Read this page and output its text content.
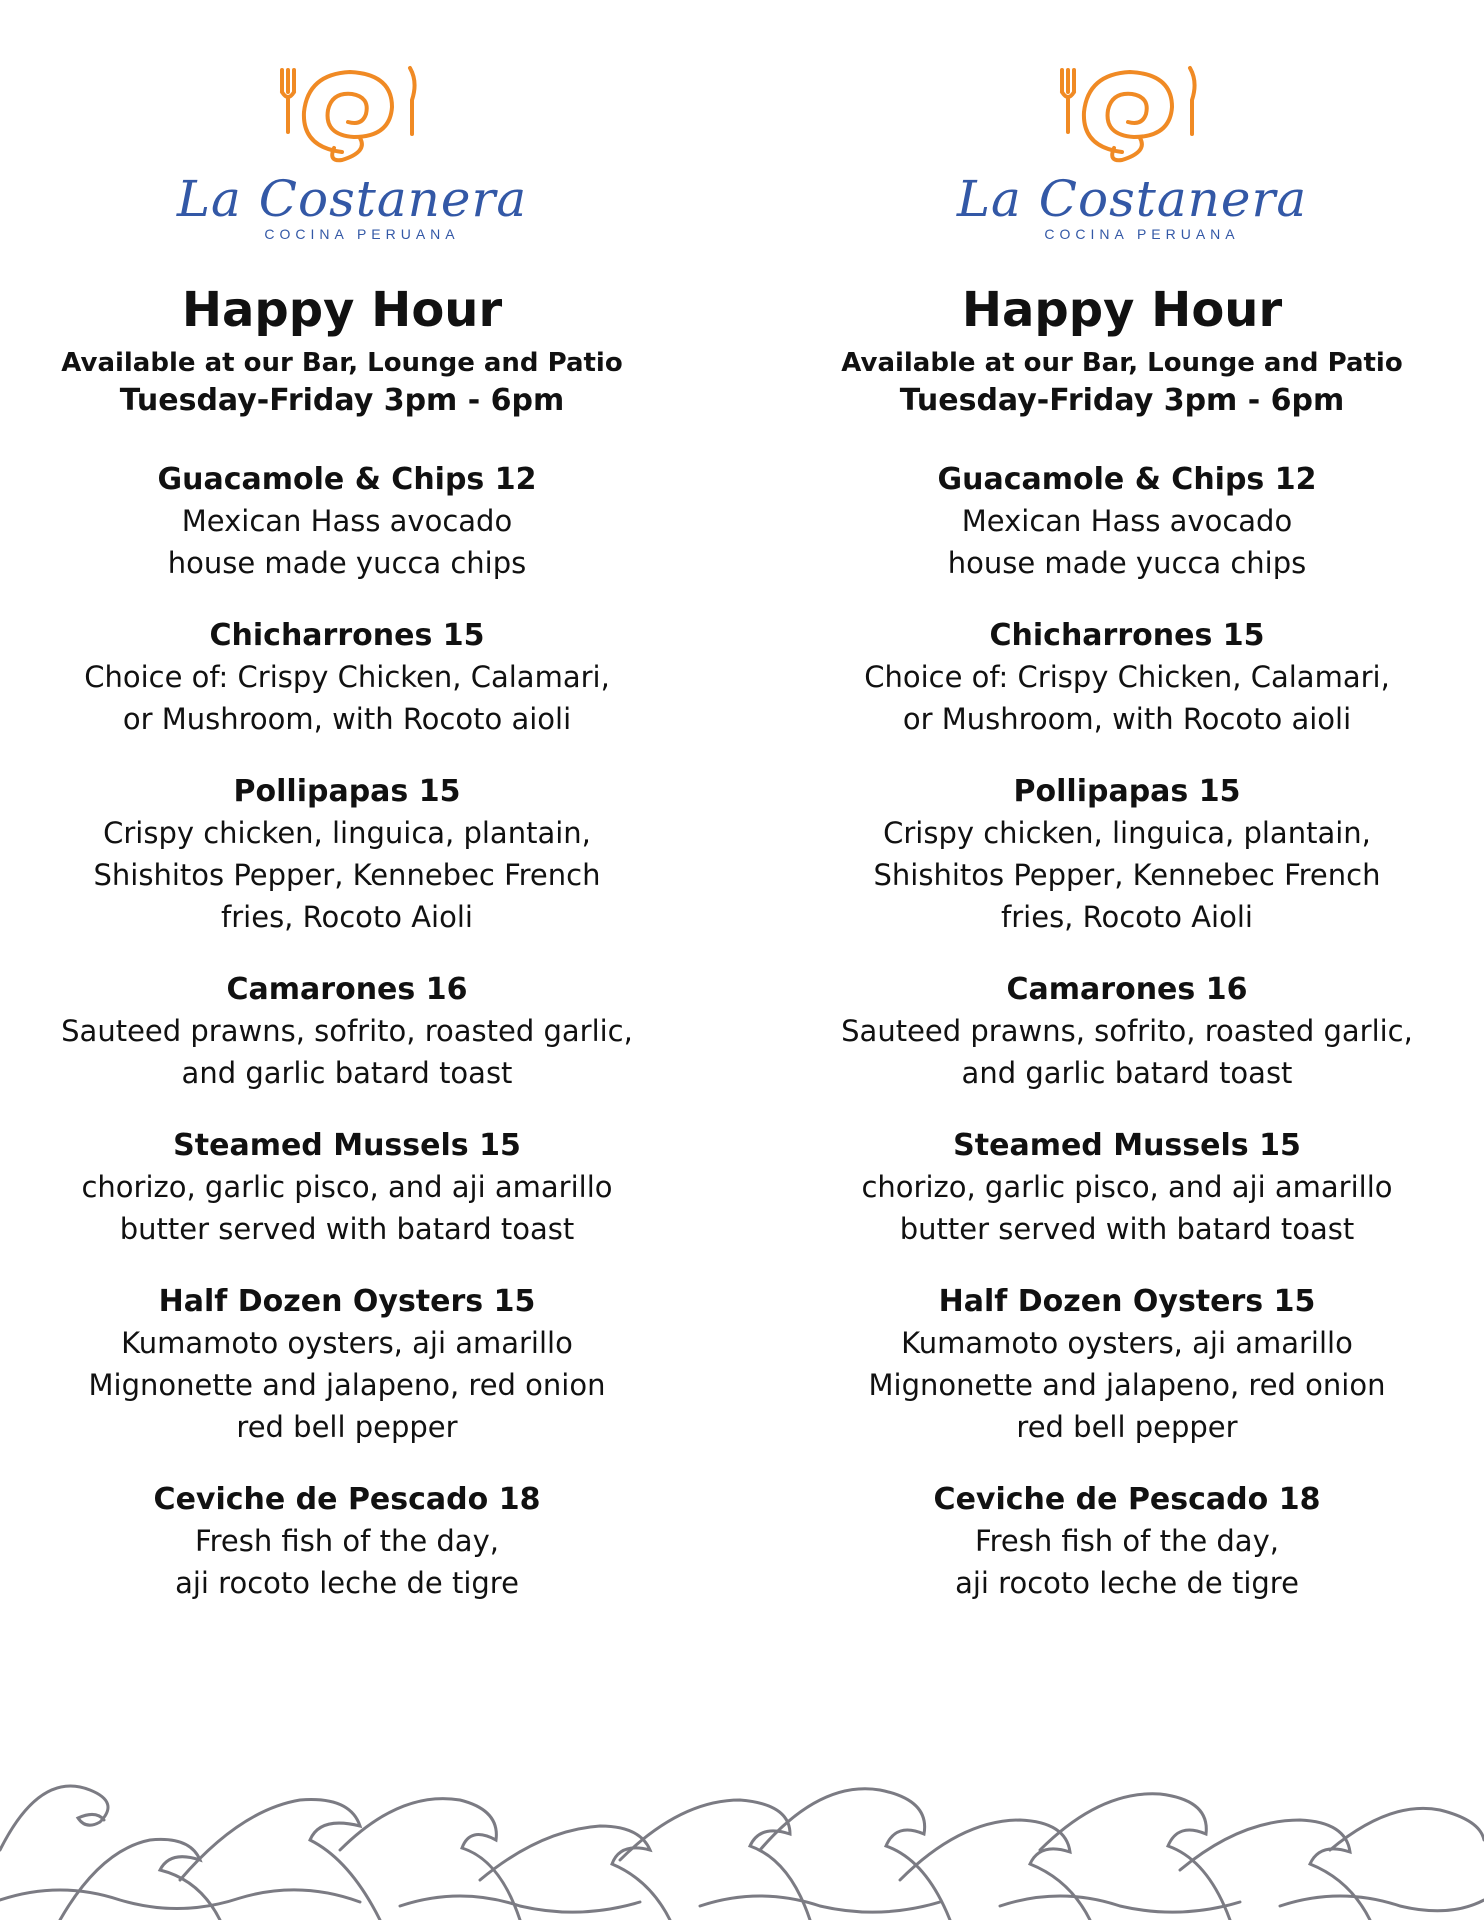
La Costanera
COCINA PERUANA
Happy Hour
Available at our Bar, Lounge and Patio
Tuesday-Friday 3pm - 6pm
Guacamole & Chips 12
Mexican Hass avocado
house made yucca chips
Chicharrones 15
Choice of: Crispy Chicken, Calamari,
or Mushroom, with Rocoto aioli
Pollipapas 15
Crispy chicken, linguica, plantain,
Shishitos Pepper, Kennebec French
fries, Rocoto Aioli
Camarones 16
Sauteed prawns, sofrito, roasted garlic,
and garlic batard toast
Steamed Mussels 15
chorizo, garlic pisco, and aji amarillo
butter served with batard toast
Half Dozen Oysters 15
Kumamoto oysters, aji amarillo
Mignonette and jalapeno, red onion
red bell pepper
Ceviche de Pescado 18
Fresh fish of the day,
aji rocoto leche de tigre
La Costanera
COCINA PERUANA
Happy Hour
Available at our Bar, Lounge and Patio
Tuesday-Friday 3pm - 6pm
Guacamole & Chips 12
Mexican Hass avocado
house made yucca chips
Chicharrones 15
Choice of: Crispy Chicken, Calamari,
or Mushroom, with Rocoto aioli
Pollipapas 15
Crispy chicken, linguica, plantain,
Shishitos Pepper, Kennebec French
fries, Rocoto Aioli
Camarones 16
Sauteed prawns, sofrito, roasted garlic,
and garlic batard toast
Steamed Mussels 15
chorizo, garlic pisco, and aji amarillo
butter served with batard toast
Half Dozen Oysters 15
Kumamoto oysters, aji amarillo
Mignonette and jalapeno, red onion
red bell pepper
Ceviche de Pescado 18
Fresh fish of the day,
aji rocoto leche de tigre
